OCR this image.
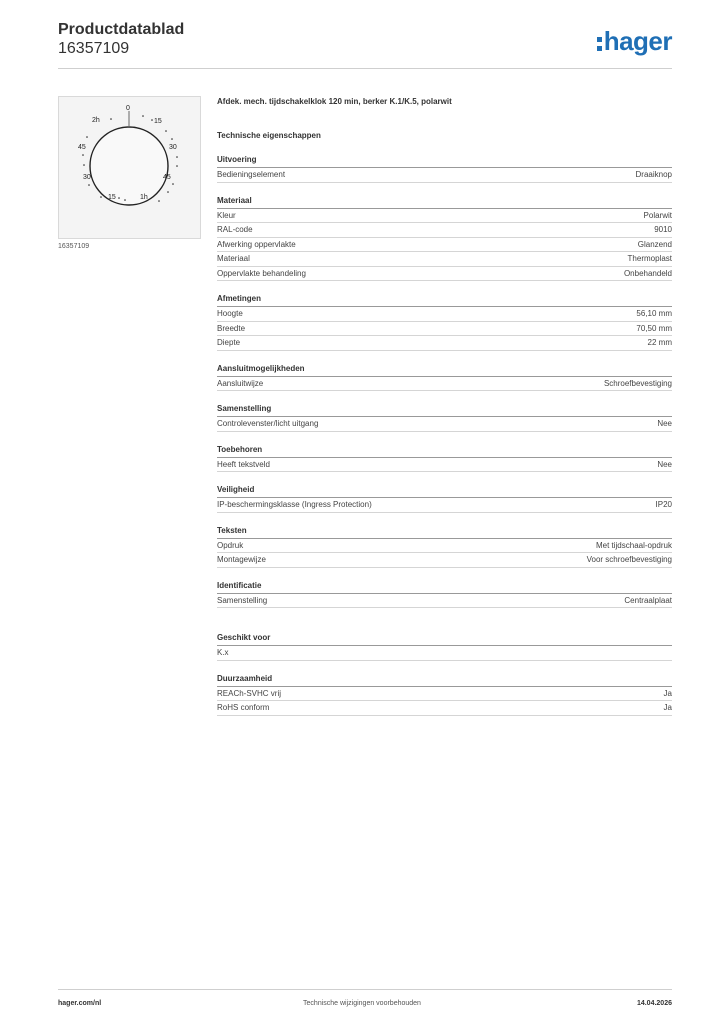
Productdatablad
16357109	hager
0
2h	15
45	30
30	45
15	1h
16357109
Afdek. mech. tijdschakelklok 120 min, berker K.1/K.5, polarwit
Technische eigenschappen
Uitvoering
Bedieningselement	Draaiknop
Materiaal
Kleur	Polarwit
RAL-code	9010
Afwerking oppervlakte	Glanzend
Materiaal	Thermoplast
Oppervlakte behandeling	Onbehandeld
Afmetingen
Hoogte	56,10 mm
Breedte	70,50 mm
Diepte	22 mm
Aansluitmogelijkheden
Aansluitwijze	Schroefbevestiging
Samenstelling
Controlevenster/licht uitgang	Nee
Toebehoren
Heeft tekstveld	Nee
Veiligheid
IP-beschermingsklasse (Ingress Protection)	IP20
Teksten
Opdruk	Met tijdschaal-opdruk
Montagewijze	Voor schroefbevestiging
Identificatie
Samenstelling	Centraalplaat
Geschikt voor
K.x
Duurzaamheid
REACh-SVHC vrij	Ja
RoHS conform	Ja
hager.com/nl	Technische wijzigingen voorbehouden	14.04.2026
